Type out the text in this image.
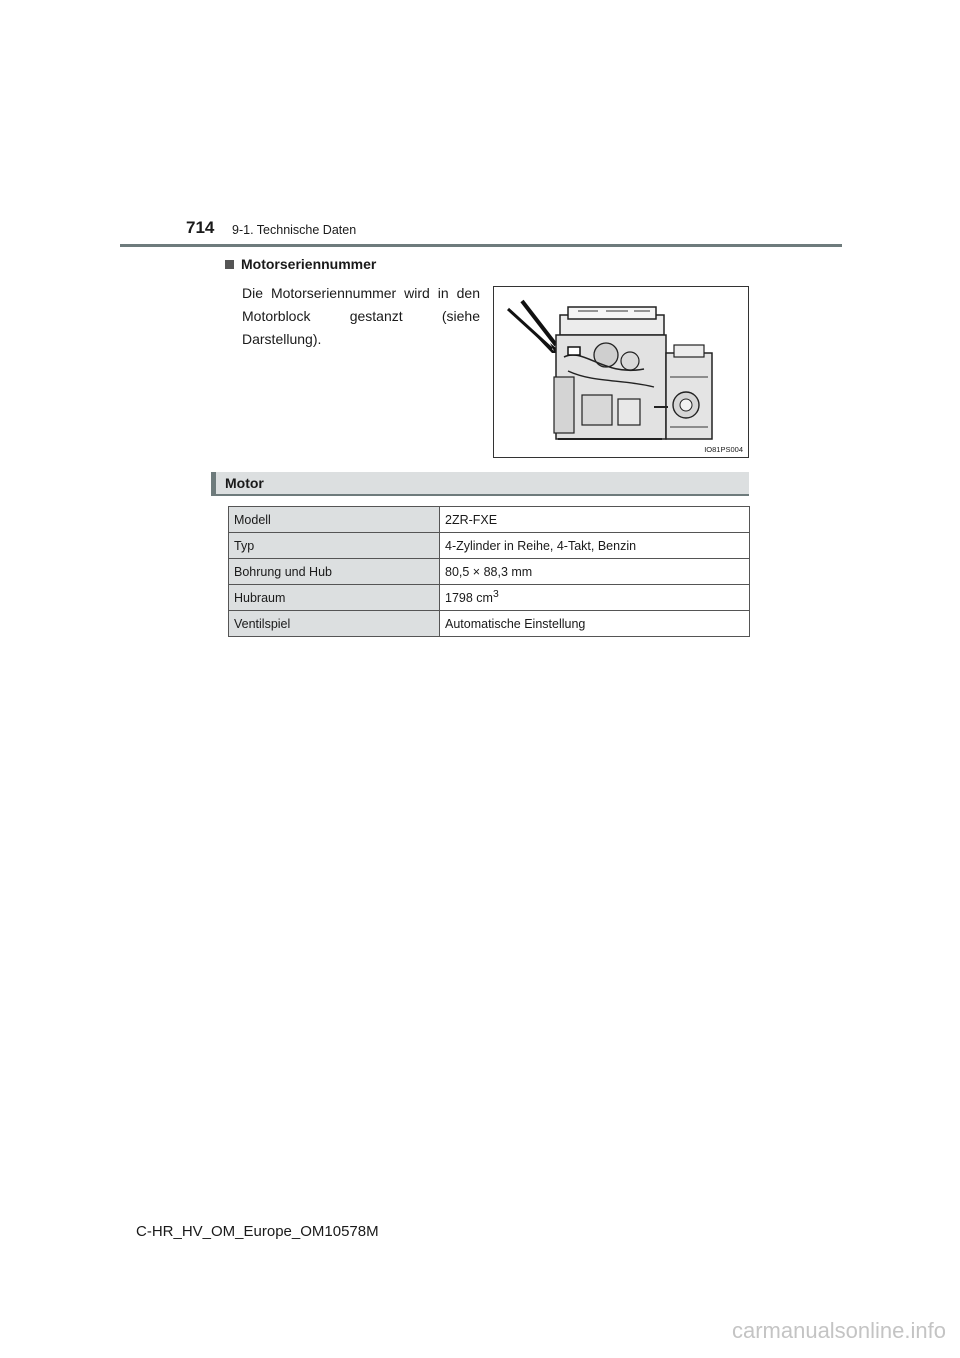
714 9-1. Technische Daten
Motorseriennummer
Die Motorseriennummer wird in den Motorblock gestanzt (siehe Darstellung).
IO81PS004
Motor
Modell	2ZR-FXE
Typ	4-Zylinder in Reihe, 4-Takt, Benzin
Bohrung und Hub	80,5 × 88,3 mm
Hubraum	1798 $cm^3$
Ventilspiel	Automatische Einstellung
C-HR_HV_OM_Europe_OM10578M
carmanualsonline.info
